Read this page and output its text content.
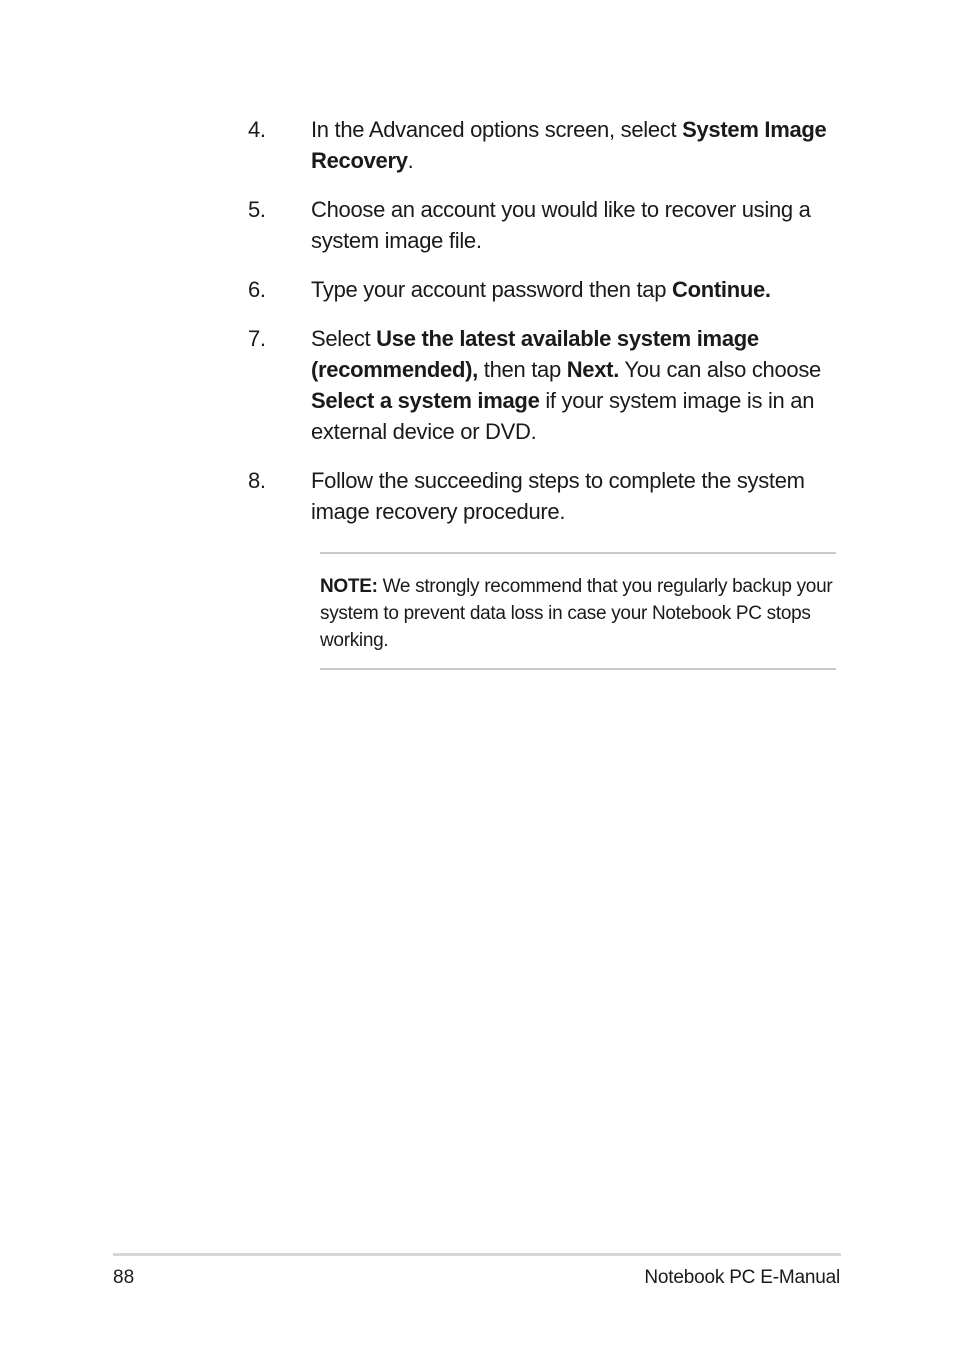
4. In the Advanced options screen, select System Image Recovery.
5. Choose an account you would like to recover using a system image file.
6. Type your account password then tap Continue.
7. Select Use the latest available system image (recommended), then tap Next. You can also choose Select a system image if your system image is in an external device or DVD.
8. Follow the succeeding steps to complete the system image recovery procedure.
NOTE: We strongly recommend that you regularly backup your system to prevent data loss in case your Notebook PC stops working.
88	Notebook PC E-Manual
